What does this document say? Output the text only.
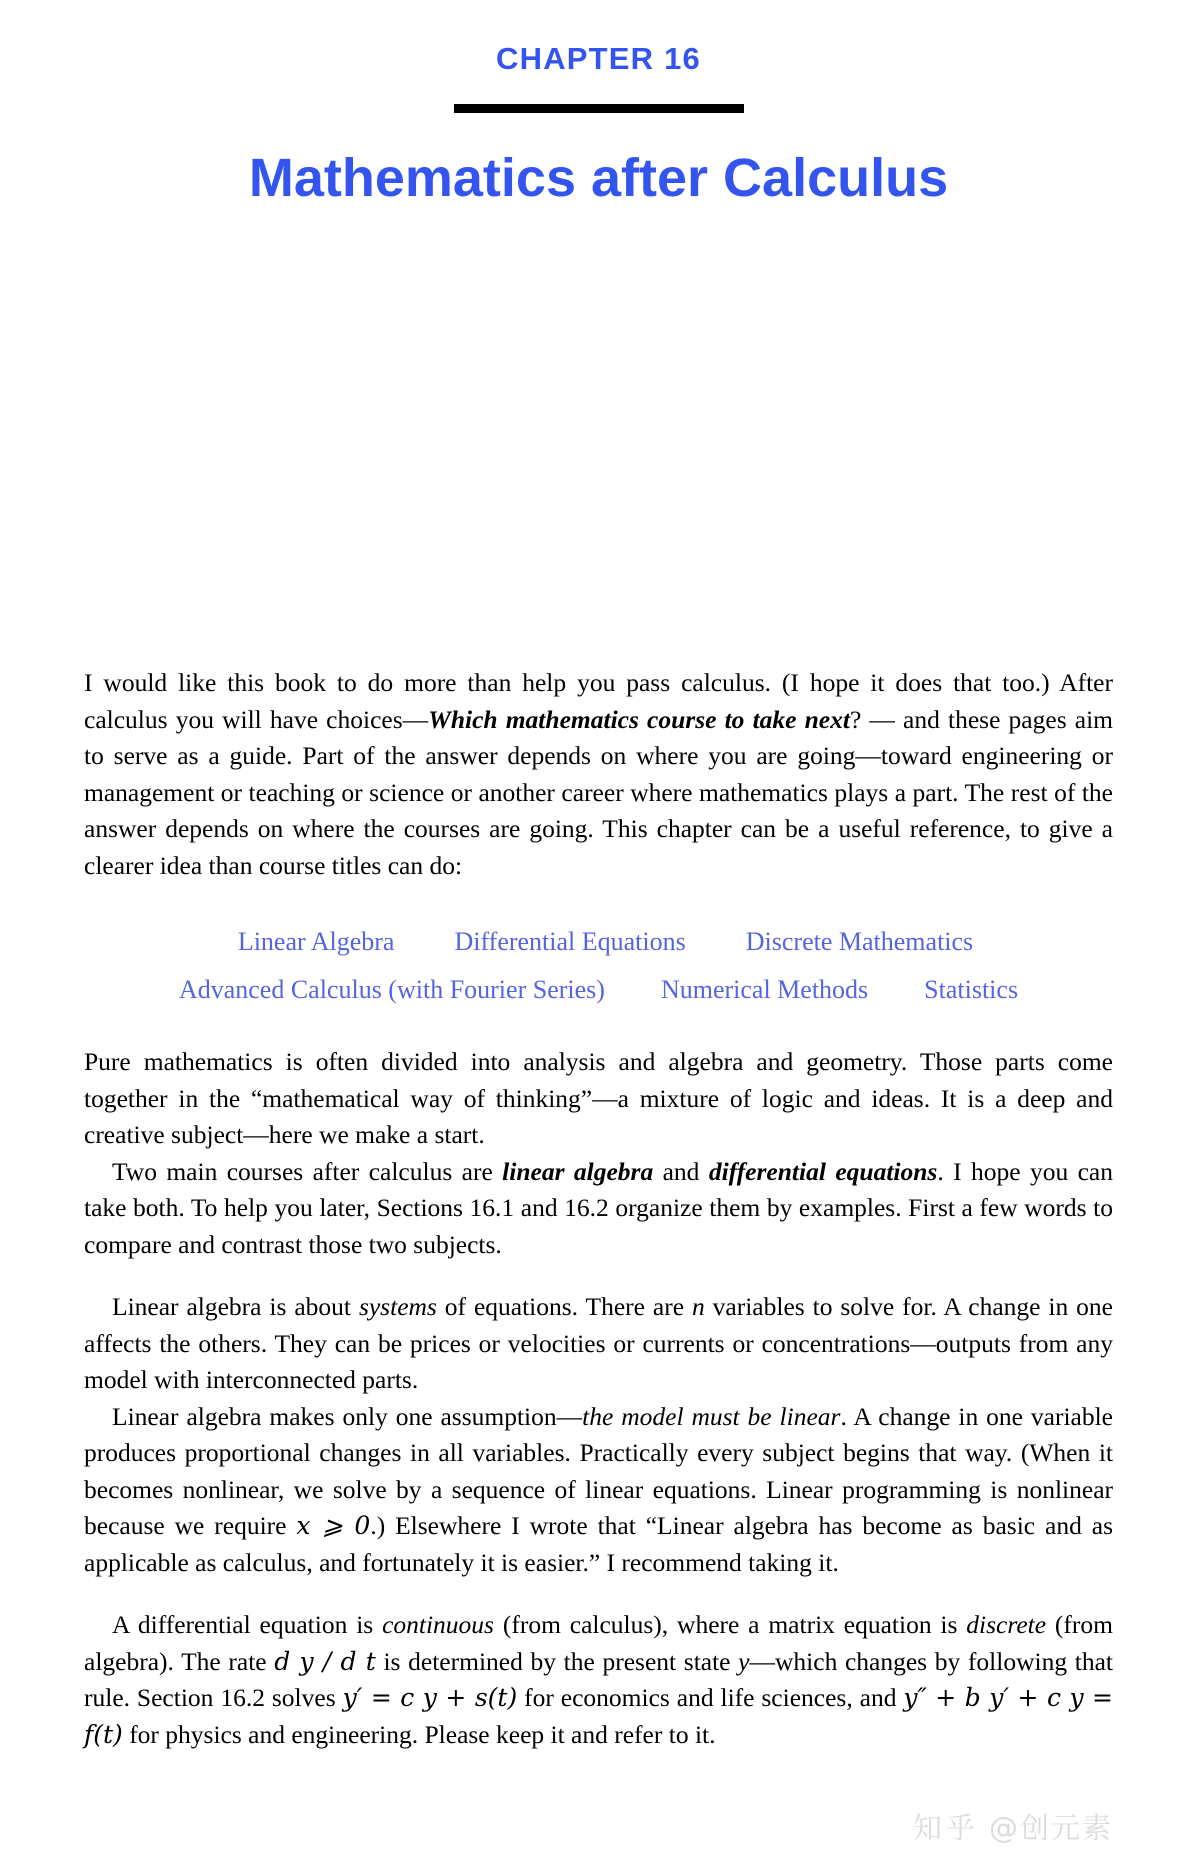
CHAPTER 16
Mathematics after Calculus

I would like this book to do more than help you pass calculus. (I hope it does that too.) After calculus you will have choices—Which mathematics course to take next? — and these pages aim to serve as a guide. Part of the answer depends on where you are going—toward engineering or management or teaching or science or another career where mathematics plays a part. The rest of the answer depends on where the courses are going. This chapter can be a useful reference, to give a clearer idea than course titles can do:

Linear Algebra Differential Equations Discrete Mathematics
Advanced Calculus (with Fourier Series) Numerical Methods Statistics

Pure mathematics is often divided into analysis and algebra and geometry. Those parts come together in the “mathematical way of thinking”—a mixture of logic and ideas. It is a deep and creative subject—here we make a start.

Two main courses after calculus are linear algebra and differential equations. I hope you can take both. To help you later, Sections 16.1 and 16.2 organize them by examples. First a few words to compare and contrast those two subjects.

Linear algebra is about systems of equations. There are n variables to solve for. A change in one affects the others. They can be prices or velocities or currents or concentrations—outputs from any model with interconnected parts.

Linear algebra makes only one assumption—the model must be linear. A change in one variable produces proportional changes in all variables. Practically every subject begins that way. (When it becomes nonlinear, we solve by a sequence of linear equations. Linear programming is nonlinear because we require x ⩾ 0.) Elsewhere I wrote that “Linear algebra has become as basic and as applicable as calculus, and fortunately it is easier.” I recommend taking it.

A differential equation is continuous (from calculus), where a matrix equation is discrete (from algebra). The rate d y / d t is determined by the present state y—which changes by following that rule. Section 16.2 solves y′ = c y + s(t) for economics and life sciences, and y″ + b y′ + c y = f(t) for physics and engineering. Please keep it and refer to it.

知乎 @创元素
